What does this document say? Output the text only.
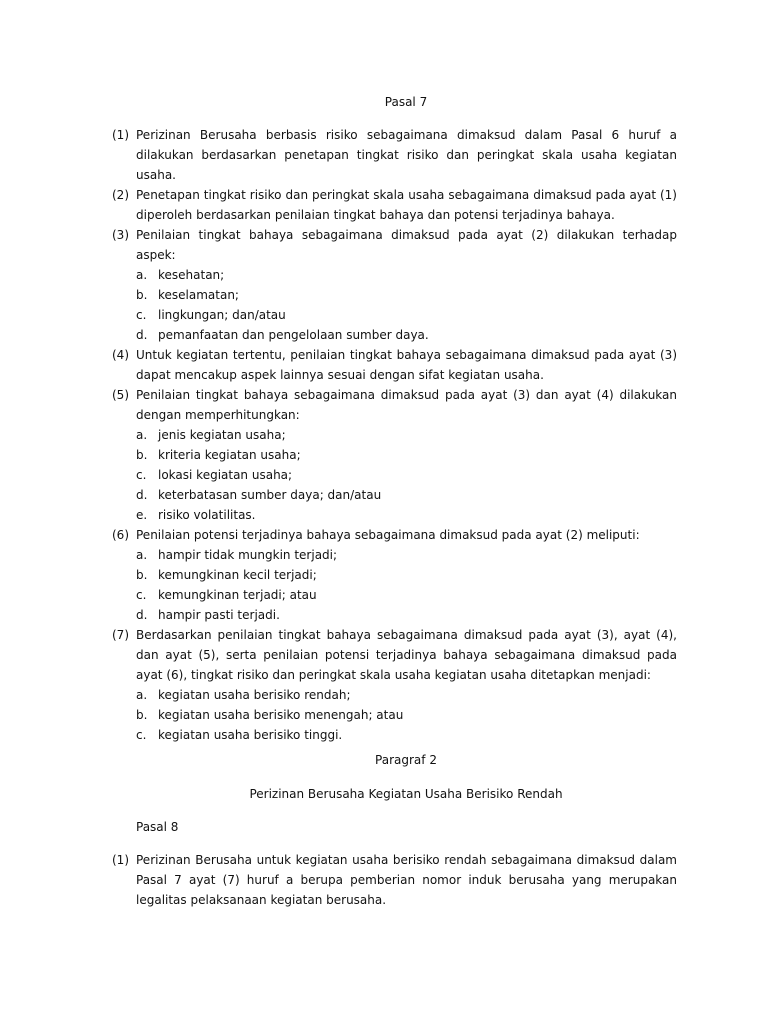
Pasal 7
(1) Perizinan Berusaha berbasis risiko sebagaimana dimaksud dalam Pasal 6 huruf a dilakukan berdasarkan penetapan tingkat risiko dan peringkat skala usaha kegiatan usaha.
(2) Penetapan tingkat risiko dan peringkat skala usaha sebagaimana dimaksud pada ayat (1) diperoleh berdasarkan penilaian tingkat bahaya dan potensi terjadinya bahaya.
(3) Penilaian tingkat bahaya sebagaimana dimaksud pada ayat (2) dilakukan terhadap aspek:
a. kesehatan;
b. keselamatan;
c. lingkungan; dan/atau
d. pemanfaatan dan pengelolaan sumber daya.
(4) Untuk kegiatan tertentu, penilaian tingkat bahaya sebagaimana dimaksud pada ayat (3) dapat mencakup aspek lainnya sesuai dengan sifat kegiatan usaha.
(5) Penilaian tingkat bahaya sebagaimana dimaksud pada ayat (3) dan ayat (4) dilakukan dengan memperhitungkan:
a. jenis kegiatan usaha;
b. kriteria kegiatan usaha;
c. lokasi kegiatan usaha;
d. keterbatasan sumber daya; dan/atau
e. risiko volatilitas.
(6) Penilaian potensi terjadinya bahaya sebagaimana dimaksud pada ayat (2) meliputi:
a. hampir tidak mungkin terjadi;
b. kemungkinan kecil terjadi;
c. kemungkinan terjadi; atau
d. hampir pasti terjadi.
(7) Berdasarkan penilaian tingkat bahaya sebagaimana dimaksud pada ayat (3), ayat (4), dan ayat (5), serta penilaian potensi terjadinya bahaya sebagaimana dimaksud pada ayat (6), tingkat risiko dan peringkat skala usaha kegiatan usaha ditetapkan menjadi:
a. kegiatan usaha berisiko rendah;
b. kegiatan usaha berisiko menengah; atau
c. kegiatan usaha berisiko tinggi.
Paragraf 2
Perizinan Berusaha Kegiatan Usaha Berisiko Rendah
Pasal 8
(1) Perizinan Berusaha untuk kegiatan usaha berisiko rendah sebagaimana dimaksud dalam Pasal 7 ayat (7) huruf a berupa pemberian nomor induk berusaha yang merupakan legalitas pelaksanaan kegiatan berusaha.
